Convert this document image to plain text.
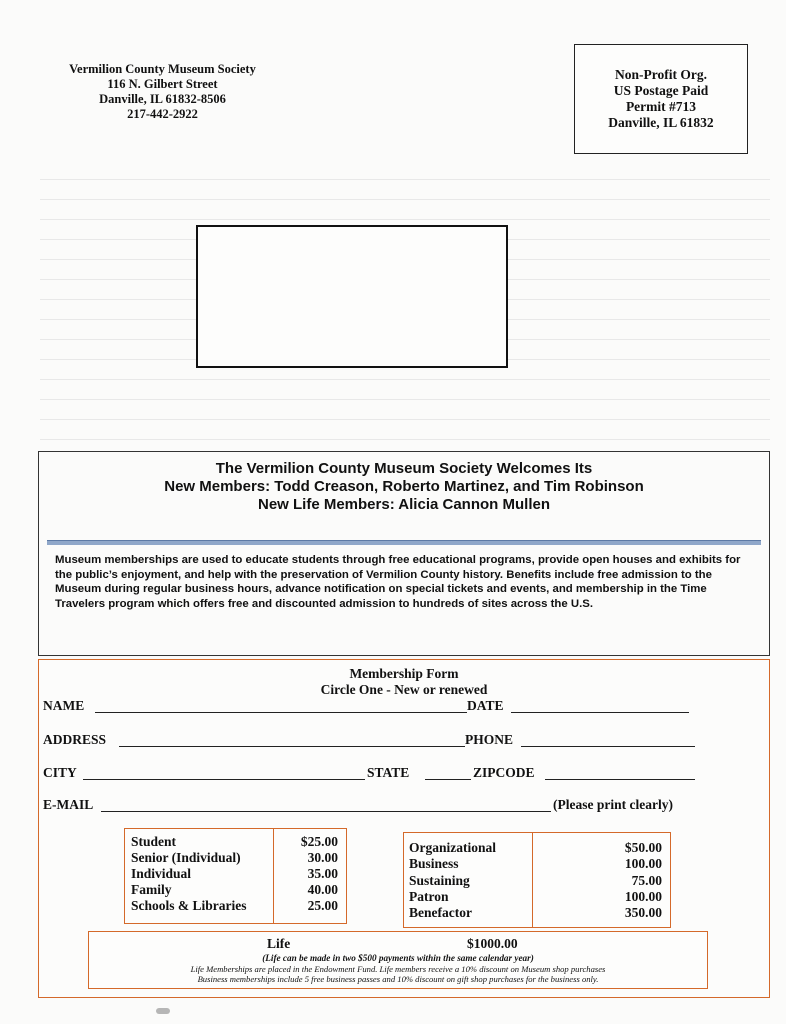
Vermilion County Museum Society
116 N. Gilbert Street
Danville, IL 61832-8506
217-442-2922
Non-Profit Org.
US Postage Paid
Permit #713
Danville, IL 61832
The Vermilion County Museum Society Welcomes Its
New Members: Todd Creason, Roberto Martinez, and Tim Robinson
New Life Members: Alicia Cannon Mullen
Museum memberships are used to educate students through free educational programs, provide open houses and exhibits for the public’s enjoyment, and help with the preservation of Vermilion County history. Benefits include free admission to the Museum during regular business hours, advance notification on special tickets and events, and membership in the Time Travelers program which offers free and discounted admission to hundreds of sites across the U.S.
Membership Form
Circle One - New or renewed
NAME	DATE
ADDRESS	PHONE
CITY	STATE	ZIPCODE
E-MAIL	(Please print clearly)
Student	$25.00
Senior (Individual)	30.00
Individual	35.00
Family	40.00
Schools & Libraries	25.00
Organizational	$50.00
Business	100.00
Sustaining	75.00
Patron	100.00
Benefactor	350.00
Life	$1000.00
(Life can be made in two $500 payments within the same calendar year)
Life Memberships are placed in the Endowment Fund. Life members receive a 10% discount on Museum shop purchases
Business memberships include 5 free business passes and 10% discount on gift shop purchases for the business only.
